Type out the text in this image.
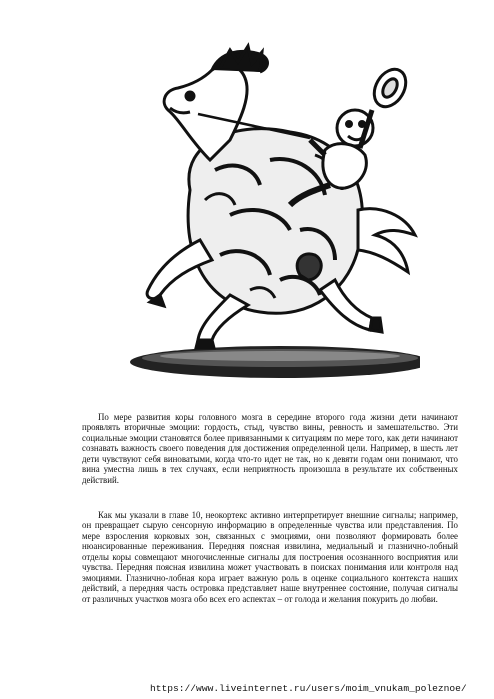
По мере развития коры головного мозга в середине второго года жизни дети начинают проявлять вторичные эмоции: гордость, стыд, чувство вины, ревность и замешательство. Эти социальные эмоции становятся более привязанными к ситуациям по мере того, как дети начинают сознавать важность своего поведения для достижения определенной цели. Например, в шесть лет дети чувствуют себя виноватыми, когда что-то идет не так, но к девяти годам они понимают, что вина уместна лишь в тех случаях, если неприятность произошла в результате их собственных действий.

Как мы указали в главе 10, неокортекс активно интерпретирует внешние сигналы; например, он превращает сырую сенсорную информацию в определенные чувства или представления. По мере взросления корковых зон, связанных с эмоциями, они позволяют формировать более нюансированные переживания. Передняя поясная извилина, медиальный и глазнично-лобный отделы коры совмещают многочисленные сигналы для построения осознанного восприятия или чувства. Передняя поясная извилина может участвовать в поисках понимания или контроля над эмоциями. Глазнично-лобная кора играет важную роль в оценке социального контекста наших действий, а передняя часть островка представляет наше внутреннее состояние, получая сигналы от различных участков мозга обо всех его аспектах – от голода и желания покурить до любви.

https://www.liveinternet.ru/users/moim_vnukam_poleznoe/
